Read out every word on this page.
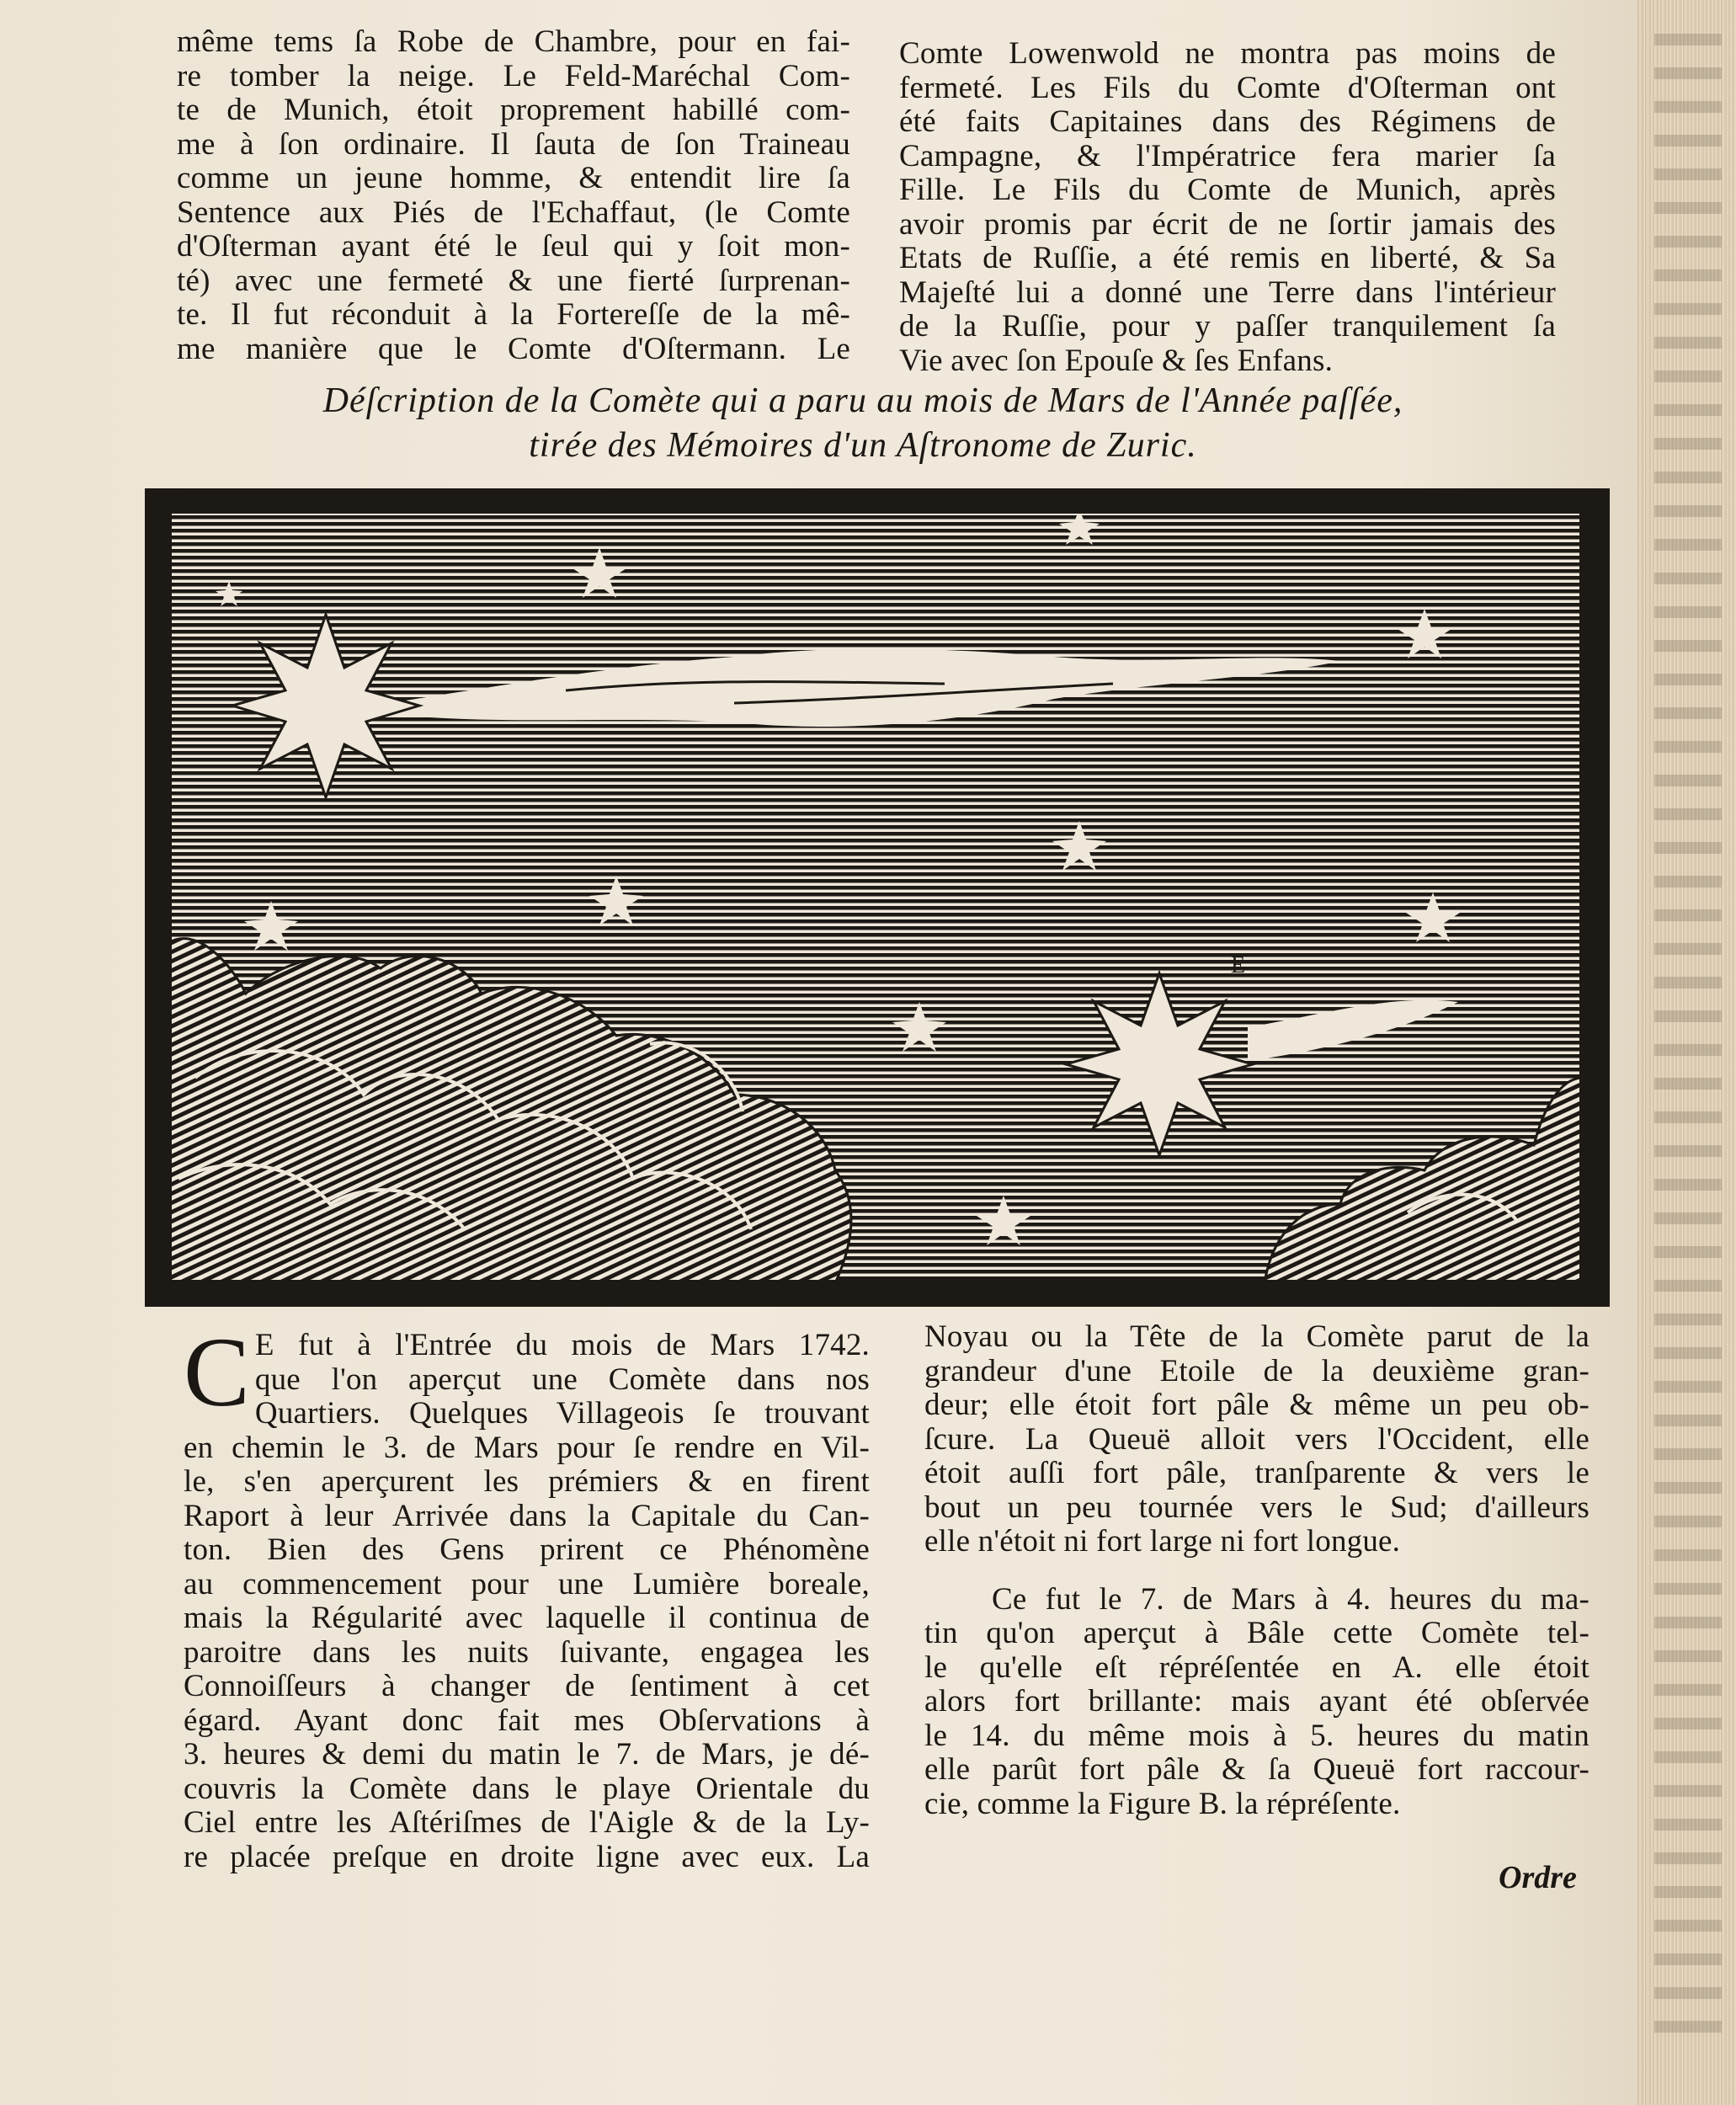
même tems ſa Robe de Chambre, pour en fai-
re tomber la neige. Le Feld-Maréchal Com-
te de Munich, étoit proprement habillé com-
me à ſon ordinaire. Il ſauta de ſon Traineau
comme un jeune homme, & entendit lire ſa
Sentence aux Piés de l'Echaffaut, (le Comte
d'Oſterman ayant été le ſeul qui y ſoit mon-
té) avec une fermeté & une fierté ſurprenan-
te. Il fut réconduit à la Fortereſſe de la mê-
me manière que le Comte d'Oſtermann. Le
Comte Lowenwold ne montra pas moins de
fermeté. Les Fils du Comte d'Oſterman ont
été faits Capitaines dans des Régimens de
Campagne, & l'Impératrice fera marier ſa
Fille. Le Fils du Comte de Munich, après
avoir promis par écrit de ne ſortir jamais des
Etats de Ruſſie, a été remis en liberté, & Sa
Majeſté lui a donné une Terre dans l'intérieur
de la Ruſſie, pour y paſſer tranquilement ſa
Vie avec ſon Epouſe & ſes Enfans.
Déſcription de la Comète qui a paru au mois de Mars de l'Année paſſée,
tirée des Mémoires d'un Aſtronome de Zuric.
E
C E fut à l'Entrée du mois de Mars 1742.
que l'on aperçut une Comète dans nos
Quartiers. Quelques Villageois ſe trouvant
en chemin le 3. de Mars pour ſe rendre en Vil-
le, s'en aperçurent les prémiers & en firent
Raport à leur Arrivée dans la Capitale du Can-
ton. Bien des Gens prirent ce Phénomène
au commencement pour une Lumière boreale,
mais la Régularité avec laquelle il continua de
paroitre dans les nuits ſuivante, engagea les
Connoiſſeurs à changer de ſentiment à cet
égard. Ayant donc fait mes Obſervations à
3. heures & demi du matin le 7. de Mars, je dé-
couvris la Comète dans le playe Orientale du
Ciel entre les Aſtériſmes de l'Aigle & de la Ly-
re placée preſque en droite ligne avec eux. La
Noyau ou la Tête de la Comète parut de la
grandeur d'une Etoile de la deuxième gran-
deur; elle étoit fort pâle & même un peu ob-
ſcure. La Queuë alloit vers l'Occident, elle
étoit auſſi fort pâle, tranſparente & vers le
bout un peu tournée vers le Sud; d'ailleurs
elle n'étoit ni fort large ni fort longue.
Ce fut le 7. de Mars à 4. heures du ma-
tin qu'on aperçut à Bâle cette Comète tel-
le qu'elle eſt répréſentée en A. elle étoit
alors fort brillante: mais ayant été obſervée
le 14. du même mois à 5. heures du matin
elle parût fort pâle & ſa Queuë fort raccour-
cie, comme la Figure B. la répréſente.
Ordre
